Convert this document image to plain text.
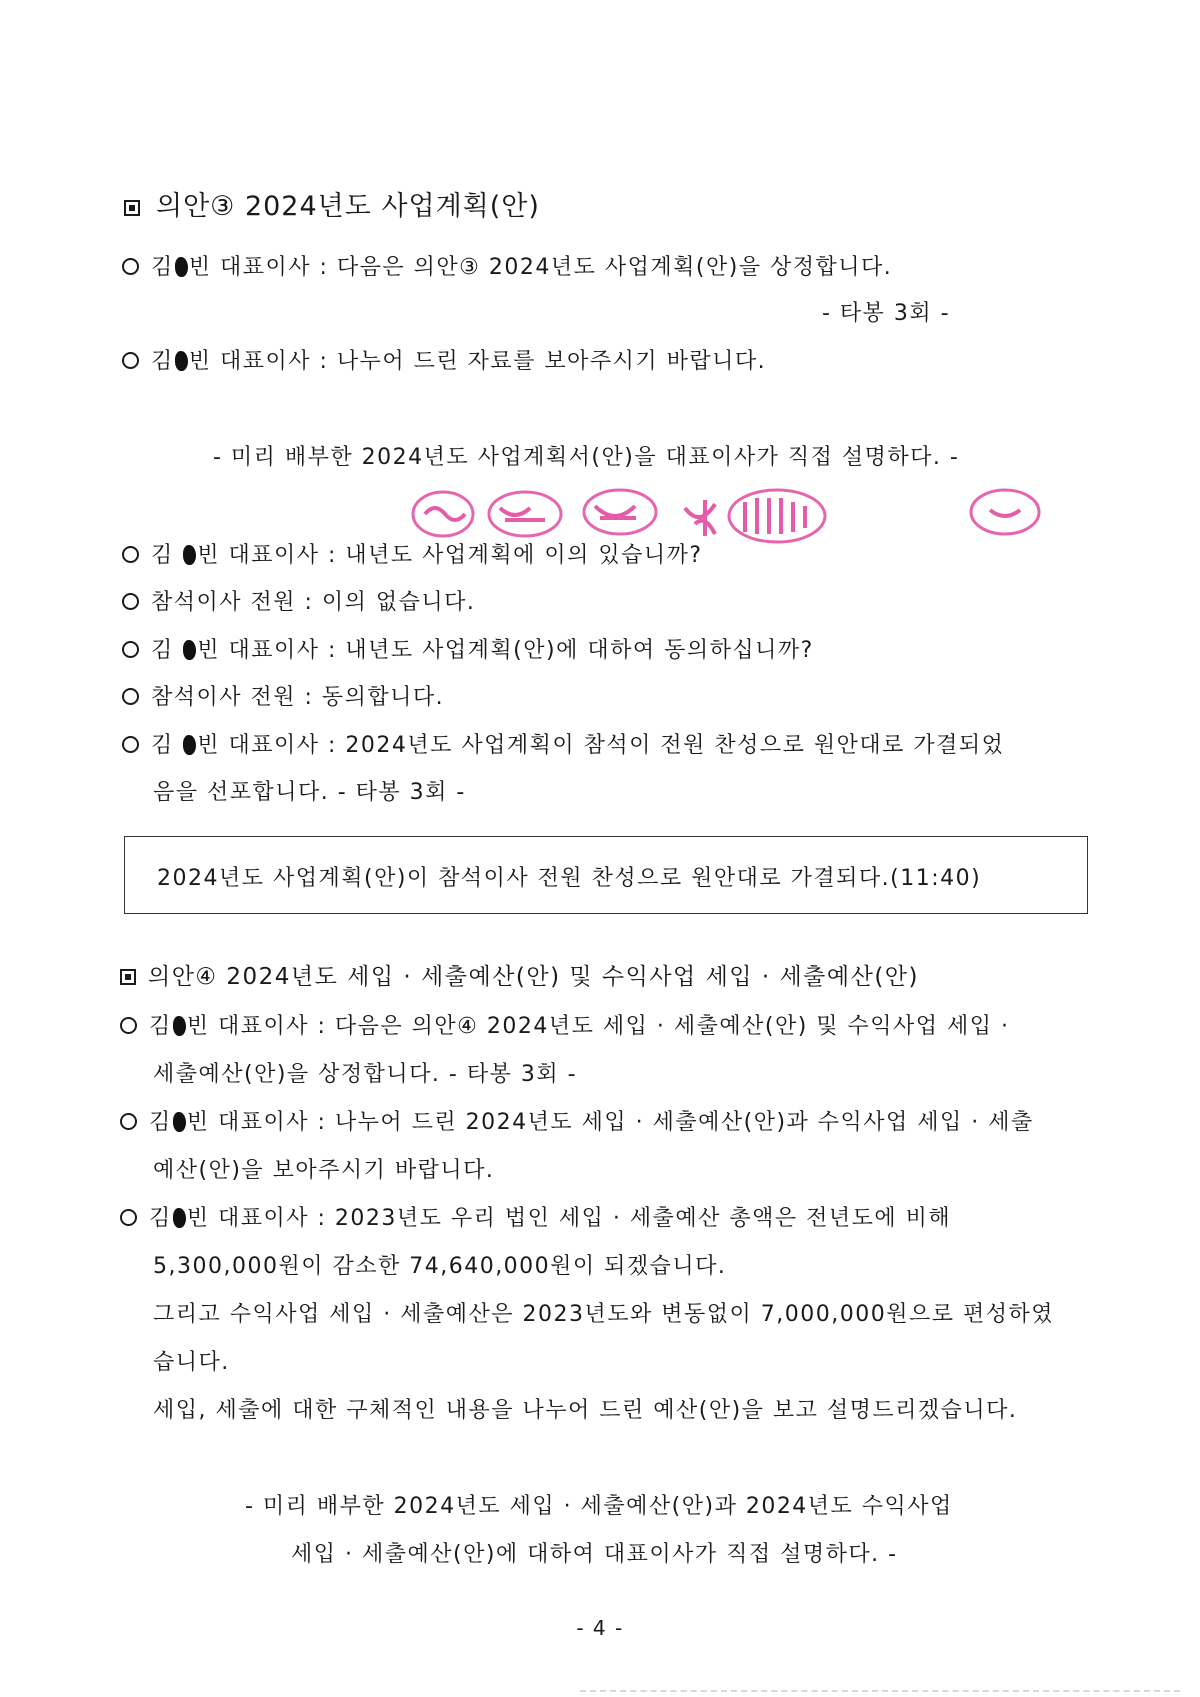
의안③ 2024년도 사업계획(안)
김 빈 대표이사 : 다음은 의안③ 2024년도 사업계획(안)을 상정합니다.
- 타봉 3회 -
김 빈 대표이사 : 나누어 드린 자료를 보아주시기 바랍니다.
- 미리 배부한 2024년도 사업계획서(안)을 대표이사가 직접 설명하다. -
김 빈 대표이사 : 내년도 사업계획에 이의 있습니까?
참석이사 전원 : 이의 없습니다.
김 빈 대표이사 : 내년도 사업계획(안)에 대하여 동의하십니까?
참석이사 전원 : 동의합니다.
김 빈 대표이사 : 2024년도 사업계획이 참석이 전원 찬성으로 원안대로 가결되었
음을 선포합니다. - 타봉 3회 -
2024년도 사업계획(안)이 참석이사 전원 찬성으로 원안대로 가결되다.(11:40)
의안④ 2024년도 세입 · 세출예산(안) 및 수익사업 세입 · 세출예산(안)
김 빈 대표이사 : 다음은 의안④ 2024년도 세입 · 세출예산(안) 및 수익사업 세입 ·
세출예산(안)을 상정합니다. - 타봉 3회 -
김 빈 대표이사 : 나누어 드린 2024년도 세입 · 세출예산(안)과 수익사업 세입 · 세출
예산(안)을 보아주시기 바랍니다.
김 빈 대표이사 : 2023년도 우리 법인 세입 · 세출예산 총액은 전년도에 비해
5,300,000원이 감소한 74,640,000원이 되겠습니다.
그리고 수익사업 세입 · 세출예산은 2023년도와 변동없이 7,000,000원으로 편성하였
습니다.
세입, 세출에 대한 구체적인 내용을 나누어 드린 예산(안)을 보고 설명드리겠습니다.
- 미리 배부한 2024년도 세입 · 세출예산(안)과 2024년도 수익사업
세입 · 세출예산(안)에 대하여 대표이사가 직접 설명하다. -
- 4 -
